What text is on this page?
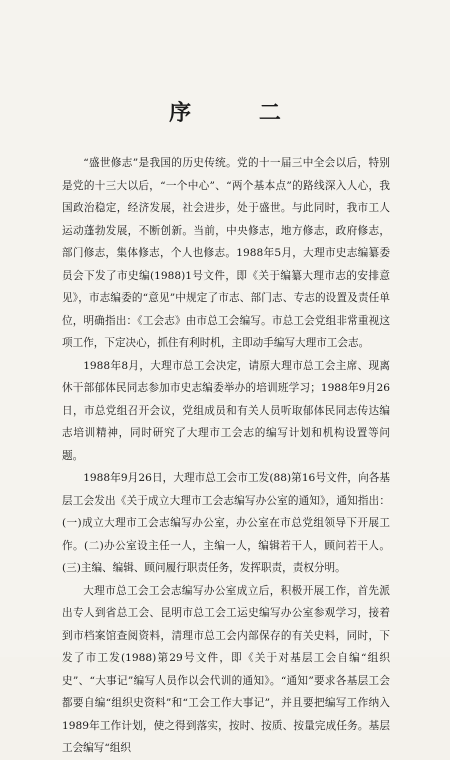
序 二

“盛世修志”是我国的历史传统。党的十一届三中全会以后，特别是党的十三大以后，“一个中心”、“两个基本点”的路线深入人心，我国政治稳定，经济发展，社会进步，处于盛世。与此同时，我市工人运动蓬勃发展，不断创新。当前，中央修志，地方修志，政府修志，部门修志，集体修志，个人也修志。1988年5月，大理市史志编纂委员会下发了市史编(1988)1号文件，即《关于编纂大理市志的安排意见》，市志编委的“意见”中规定了市志、部门志、专志的设置及责任单位，明确指出：《工会志》由市总工会编写。市总工会党组非常重视这项工作，下定决心，抓住有利时机，主即动手编写大理市工会志。

1988年8月，大理市总工会决定，请原大理市总工会主席、现离休干部郁体民同志参加市史志编委举办的培训班学习；1988年9月26日，市总党组召开会议，党组成员和有关人员听取郁体民同志传达编志培训精神，同时研究了大理市工会志的编写计划和机构设置等问题。

1988年9月26日，大理市总工会市工发(88)第16号文件，向各基层工会发出《关于成立大理市工会志编写办公室的通知》，通知指出：(一)成立大理市工会志编写办公室，办公室在市总党组领导下开展工作。(二)办公室设主任一人，主编一人，编辑若干人，顾问若干人。(三)主编、编辑、顾问履行职责任务，发挥职责，责权分明。

大理市总工会工会志编写办公室成立后，积极开展工作，首先派出专人到省总工会、昆明市总工会工运史编写办公室参观学习，接着到市档案馆查阅资料，清理市总工会内部保存的有关史料，同时，下发了市工发(1988)第29号文件，即《关于对基层工会自编“组织史”、“大事记”编写人员作以会代训的通知》。“通知”要求各基层工会都要自编“组织史资料”和“工会工作大事记”，并且要把编写工作纳入1989年工作计划，使之得到落实，按时、按质、按量完成任务。基层工会编写“组织
